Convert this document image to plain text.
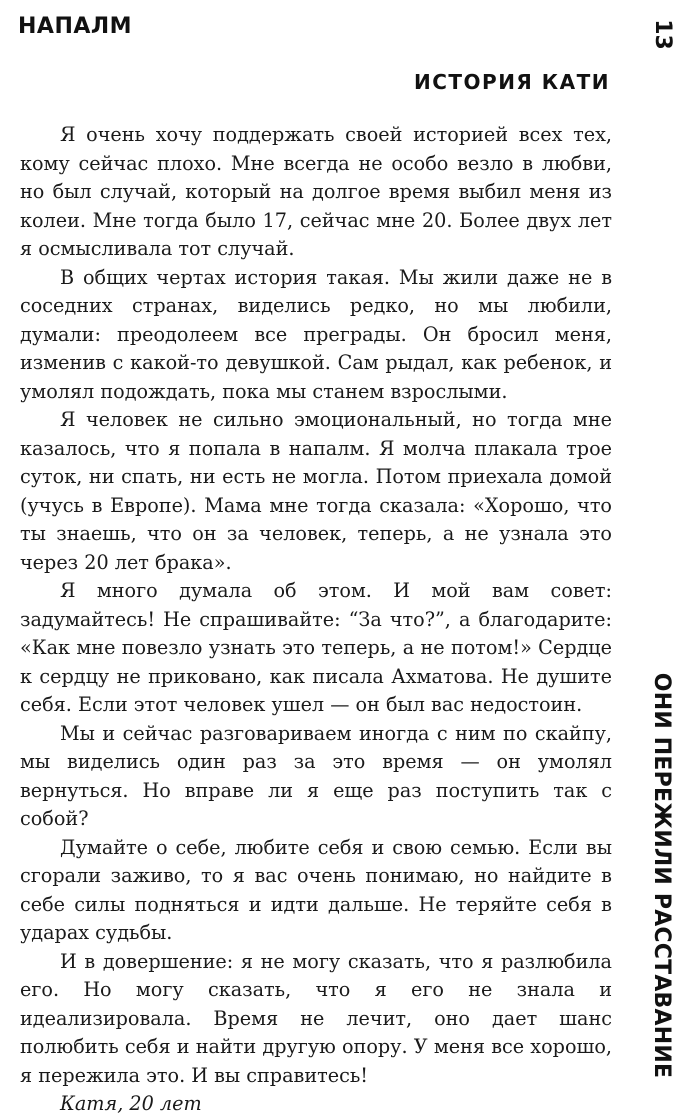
НАПАЛМ	13
ИСТОРИЯ КАТИ

Я очень хочу поддержать своей историей всех тех, кому сейчас плохо. Мне всегда не особо везло в любви, но был случай, который на долгое время выбил меня из колеи. Мне тогда было 17, сейчас мне 20. Более двух лет я осмысливала тот случай.

В общих чертах история такая. Мы жили даже не в соседних странах, виделись редко, но мы любили, думали: преодолеем все преграды. Он бросил меня, изменив с какой-то девушкой. Сам рыдал, как ребенок, и умолял подождать, пока мы станем взрослыми.

Я человек не сильно эмоциональный, но тогда мне казалось, что я попала в напалм. Я молча плакала трое суток, ни спать, ни есть не могла. Потом приехала домой (учусь в Европе). Мама мне тогда сказала: «Хорошо, что ты знаешь, что он за человек, теперь, а не узнала это через 20 лет брака».

Я много думала об этом. И мой вам совет: задумайтесь! Не спрашивайте: “За что?”, а благодарите: «Как мне повезло узнать это теперь, а не потом!» Сердце к сердцу не приковано, как писала Ахматова. Не душите себя. Если этот человек ушел — он был вас недостоин.

Мы и сейчас разговариваем иногда с ним по скайпу, мы виделись один раз за это время — он умолял вернуться. Но вправе ли я еще раз поступить так с собой?

Думайте о себе, любите себя и свою семью. Если вы сгорали заживо, то я вас очень понимаю, но найдите в себе силы подняться и идти дальше. Не теряйте себя в ударах судьбы.

И в довершение: я не могу сказать, что я разлюбила его. Но могу сказать, что я его не знала и идеализировала. Время не лечит, оно дает шанс полюбить себя и найти другую опору. У меня все хорошо, я пережила это. И вы справитесь!

Катя, 20 лет

ОНИ ПЕРЕЖИЛИ РАССТАВАНИЕ
